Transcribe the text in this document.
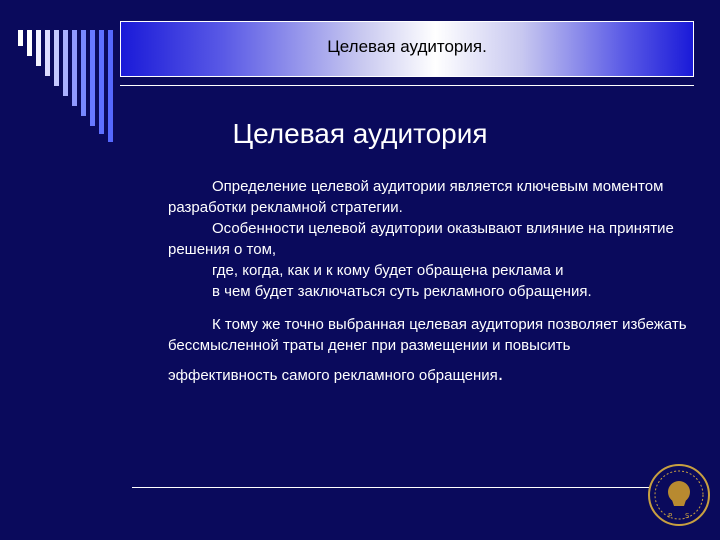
Целевая аудитория.
Целевая аудитория

Определение целевой аудитории является ключевым моментом разработки рекламной стратегии.

Особенности целевой аудитории оказывают влияние на принятие решения о том,

где, когда, как и к кому будет обращена реклама и

в чем будет заключаться суть рекламного обращения.

К тому же точно выбранная целевая аудитория позволяет избежать бессмысленной траты денег при размещении и повысить

эффективность самого рекламного обращения.

P S
